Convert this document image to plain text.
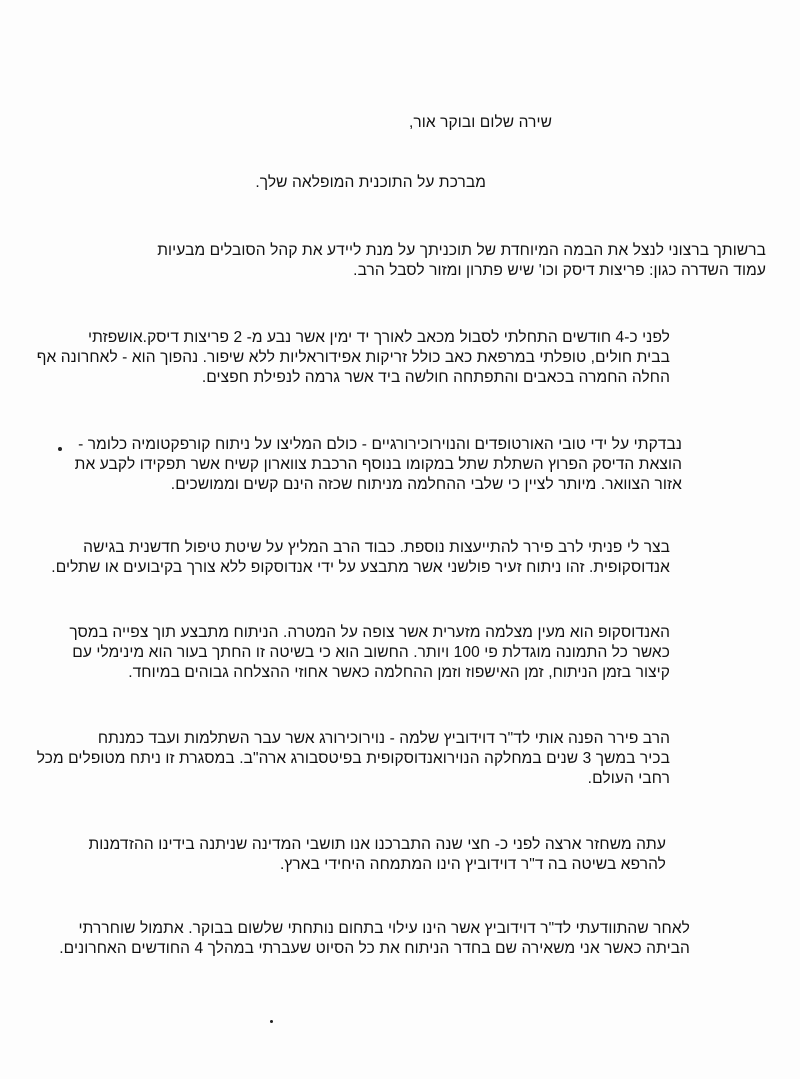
שירה שלום ובוקר אור,
מברכת על התוכנית המופלאה שלך.
ברשותך ברצוני לנצל את הבמה המיוחדת של תוכניתך על מנת ליידע את קהל הסובלים מבעיות
עמוד השדרה כגון: פריצות דיסק וכו' שיש פתרון ומזור לסבל הרב.
לפני כ-4 חודשים התחלתי לסבול מכאב לאורך יד ימין אשר נבע מ- 2 פריצות דיסק.אושפזתי
בבית חולים, טופלתי במרפאת כאב כולל זריקות אפידוראליות ללא שיפור. נהפוך הוא - לאחרונה אף
החלה החמרה בכאבים והתפתחה חולשה ביד אשר גרמה לנפילת חפצים.
נבדקתי על ידי טובי האורטופדים והנוירוכירורגיים - כולם המליצו על ניתוח קורפקטומיה כלומר -
הוצאת הדיסק הפרוץ השתלת שתל במקומו בנוסף הרכבת צווארון קשיח אשר תפקידו לקבע את
אזור הצוואר. מיותר לציין כי שלבי ההחלמה מניתוח שכזה הינם קשים וממושכים.
בצר לי פניתי לרב פירר להתייעצות נוספת. כבוד הרב המליץ על שיטת טיפול חדשנית בגישה
אנדוסקופית. זהו ניתוח זעיר פולשני אשר מתבצע על ידי אנדוסקופ ללא צורך בקיבועים או שתלים.
האנדוסקופ הוא מעין מצלמה מזערית אשר צופה על המטרה. הניתוח מתבצע תוך צפייה במסך
כאשר כל התמונה מוגדלת פי 100 ויותר. החשוב הוא כי בשיטה זו החתך בעור הוא מינימלי עם
קיצור בזמן הניתוח, זמן האישפוז וזמן ההחלמה כאשר אחוזי ההצלחה גבוהים במיוחד.
הרב פירר הפנה אותי לד"ר דוידוביץ שלמה - נוירוכירורג אשר עבר השתלמות ועבד כמנתח
בכיר במשך 3 שנים במחלקה הנוירואנדוסקופית בפיטסבורג ארה"ב. במסגרת זו ניתח מטופלים מכל
רחבי העולם.
עתה משחזר ארצה לפני כ- חצי שנה התברכנו אנו תושבי המדינה שניתנה בידינו ההזדמנות
להרפא בשיטה בה ד"ר דוידוביץ הינו המתמחה היחידי בארץ.
לאחר שהתוודעתי לד"ר דוידוביץ אשר הינו עילוי בתחום נותחתי שלשום בבוקר. אתמול שוחררתי
הביתה כאשר אני משאירה שם בחדר הניתוח את כל הסיוט שעברתי במהלך 4 החודשים האחרונים.
